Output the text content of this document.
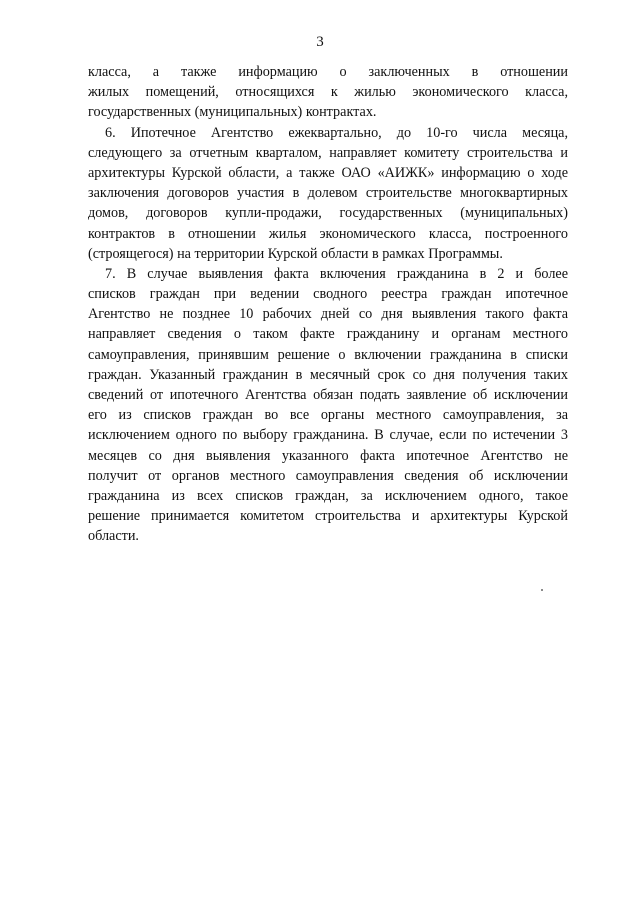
3
класса, а также информацию о заключенных в отношении
жилых помещений, относящихся к жилью экономического класса,
государственных (муниципальных) контрактах.
6. Ипотечное Агентство ежеквартально, до 10-го числа месяца,
следующего за отчетным кварталом, направляет комитету строительства и
архитектуры Курской области, а также ОАО «АИЖК» информацию о ходе
заключения договоров участия в долевом строительстве многоквартирных
домов, договоров купли-продажи, государственных (муниципальных)
контрактов в отношении жилья экономического класса, построенного
(строящегося) на территории Курской области в рамках Программы.
7. В случае выявления факта включения гражданина в 2 и более
списков граждан при ведении сводного реестра граждан ипотечное
Агентство не позднее 10 рабочих дней со дня выявления такого факта
направляет сведения о таком факте гражданину и органам местного
самоуправления, принявшим решение о включении гражданина в списки
граждан. Указанный гражданин в месячный срок со дня получения таких
сведений от ипотечного Агентства обязан подать заявление об исключении
его из списков граждан во все органы местного самоуправления, за
исключением одного по выбору гражданина. В случае, если по истечении 3
месяцев со дня выявления указанного факта ипотечное Агентство не
получит от органов местного самоуправления сведения об исключении
гражданина из всех списков граждан, за исключением одного, такое
решение принимается комитетом строительства и архитектуры Курской
области.
